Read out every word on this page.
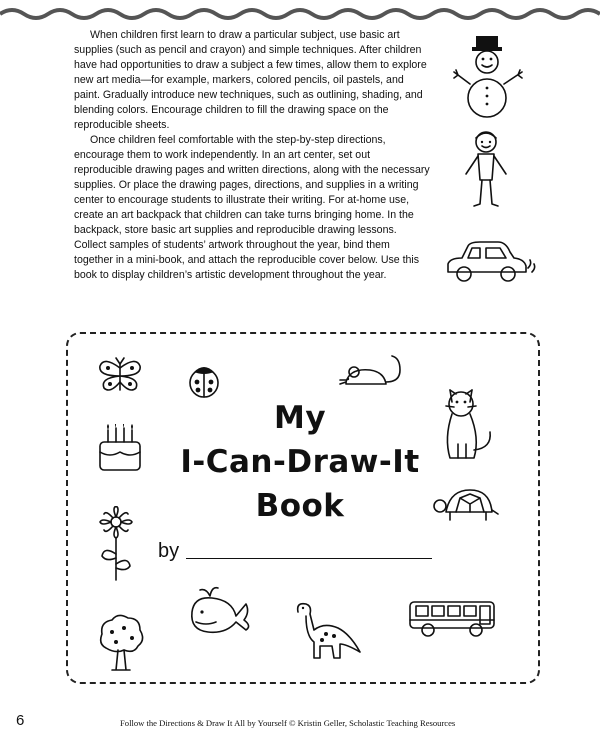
When children first learn to draw a particular subject, use basic art supplies (such as pencil and crayon) and simple techniques. After children have had opportunities to draw a subject a few times, allow them to explore new art media—for example, markers, colored pencils, oil pastels, and paint. Gradually introduce new techniques, such as outlining, shading, and blending colors. Encourage children to fill the drawing space on the reproducible sheets.

Once children feel comfortable with the step-by-step directions, encourage them to work independently. In an art center, set out reproducible drawing pages and written directions, along with the necessary supplies. Or place the drawing pages, directions, and supplies in a writing center to encourage students to illustrate their writing. For at-home use, create an art backpack that children can take turns bringing home. In the backpack, store basic art supplies and reproducible drawing lessons. Collect samples of students’ artwork throughout the year, bind them together in a mini-book, and attach the reproducible cover below. Use this book to display children’s artistic development throughout the year.

My
I-Can-Draw-It
Book
by
6	Follow the Directions & Draw It All by Yourself © Kristin Geller, Scholastic Teaching Resources
